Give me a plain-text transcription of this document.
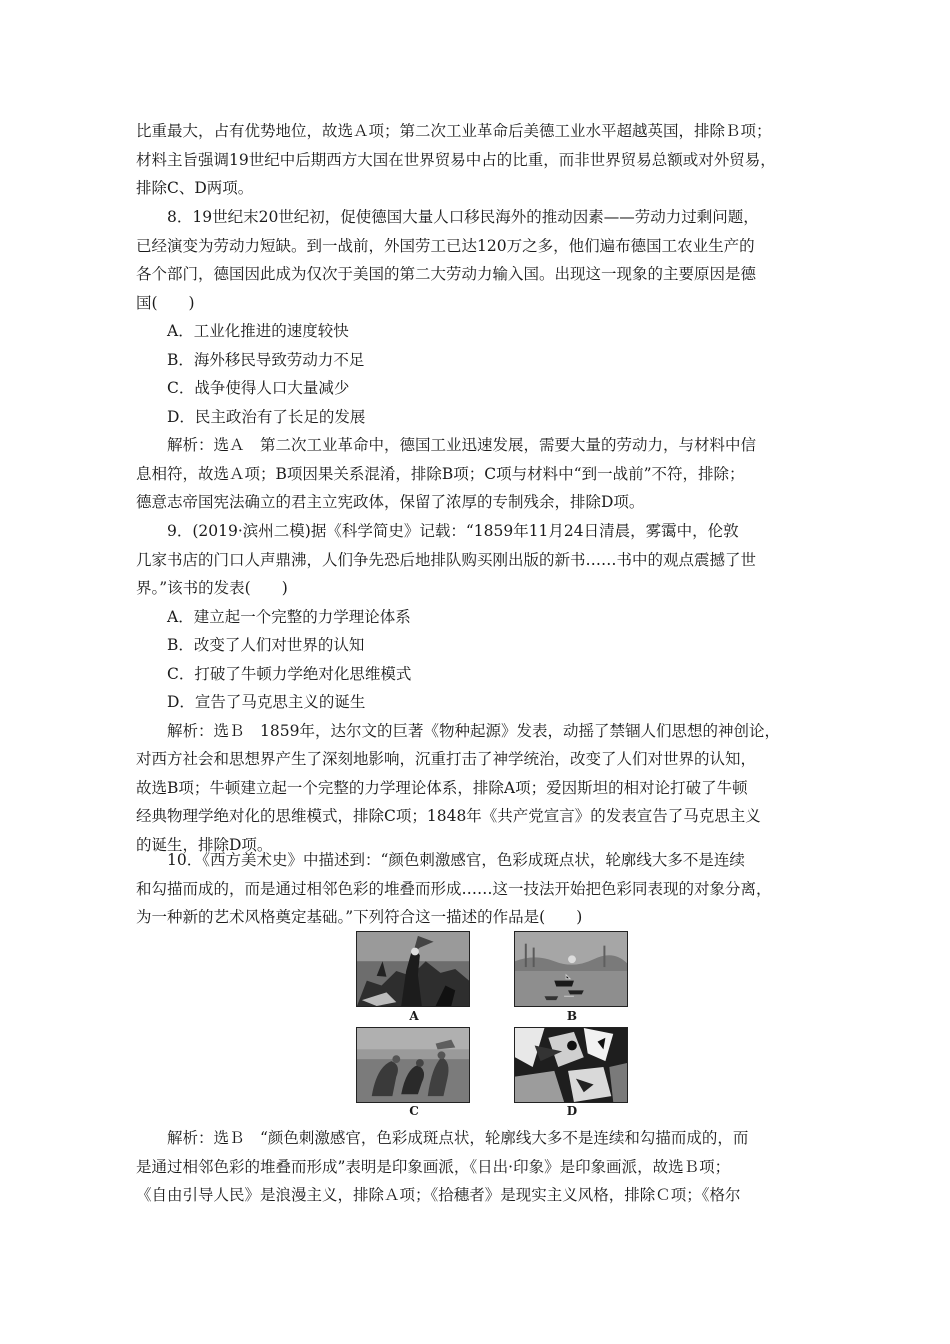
比重最大，占有优势地位，故选Ａ项；第二次工业革命后美德工业水平超越英国，排除Ｂ项；
材料主旨强调19世纪中后期西方大国在世界贸易中占的比重，而非世界贸易总额或对外贸易，
排除C、D两项。
8．19世纪末20世纪初，促使德国大量人口移民海外的推动因素——劳动力过剩问题，
已经演变为劳动力短缺。到一战前，外国劳工已达120万之多，他们遍布德国工农业生产的
各个部门，德国因此成为仅次于美国的第二大劳动力输入国。出现这一现象的主要原因是德
国(　　)
A．工业化推进的速度较快
B．海外移民导致劳动力不足
C．战争使得人口大量减少
D．民主政治有了长足的发展
解析：选Ａ　第二次工业革命中，德国工业迅速发展，需要大量的劳动力，与材料中信
息相符，故选Ａ项；B项因果关系混淆，排除B项；C项与材料中“到一战前”不符，排除；
德意志帝国宪法确立的君主立宪政体，保留了浓厚的专制残余，排除D项。
9．(2019·滨州二模)据《科学简史》记载：“1859年11月24日清晨，雾霭中，伦敦
几家书店的门口人声鼎沸，人们争先恐后地排队购买刚出版的新书……书中的观点震撼了世
界。”该书的发表(　　)
A．建立起一个完整的力学理论体系
B．改变了人们对世界的认知
C．打破了牛顿力学绝对化思维模式
D．宣告了马克思主义的诞生
解析：选Ｂ　1859年，达尔文的巨著《物种起源》发表，动摇了禁锢人们思想的神创论，
对西方社会和思想界产生了深刻地影响，沉重打击了神学统治，改变了人们对世界的认知，
故选B项；牛顿建立起一个完整的力学理论体系，排除A项；爱因斯坦的相对论打破了牛顿
经典物理学绝对化的思维模式，排除C项；1848年《共产党宣言》的发表宣告了马克思主义
的诞生，排除D项。
10．《西方美术史》中描述到：“颜色刺激感官，色彩成斑点状，轮廓线大多不是连续
和勾描而成的，而是通过相邻色彩的堆叠而形成……这一技法开始把色彩同表现的对象分离，
为一种新的艺术风格奠定基础。”下列符合这一描述的作品是(　　)
A	B
C	D
解析：选Ｂ　“颜色刺激感官，色彩成斑点状，轮廓线大多不是连续和勾描而成的，而
是通过相邻色彩的堆叠而形成”表明是印象画派，《日出·印象》是印象画派，故选Ｂ项；
《自由引导人民》是浪漫主义，排除Ａ项；《拾穗者》是现实主义风格，排除Ｃ项；《格尔
